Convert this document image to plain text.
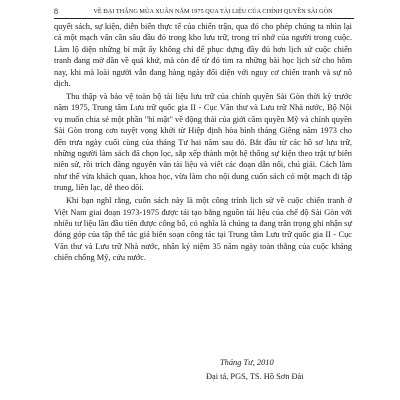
8	VỀ ĐẠI THẮNG MÙA XUÂN NĂM 1975 QUA TÀI LIỆU CỦA CHÍNH QUYỀN SÀI GÒN

quyết sách, sự kiện, diễn biến thực tế của chiến trận, qua đó cho phép chúng ta nhìn lại cả một mạch vấn cần sâu đầu đó trong kho lưu trữ, trong trí nhớ của người trong cuộc. Làm lộ diện những bí mật ấy không chỉ để phục dựng đầy đủ hơn lịch sử cuộc chiến tranh đang mờ dần về quá khứ, mà còn để từ đó tìm ra những bài học lịch sử cho hôm nay, khi mà loài người vẫn đang hàng ngày đối diện với nguy cơ chiến tranh và sự nô dịch.

Thu thập và bảo vệ toàn bộ tài liệu lưu trữ của chính quyền Sài Gòn thời kỳ trước năm 1975, Trung tâm Lưu trữ quốc gia II - Cục Văn thư và Lưu trữ Nhà nước, Bộ Nội vụ muốn chia sẻ một phần "bí mật" về động thái của giới cầm quyền Mỹ và chính quyền Sài Gòn trong cơn tuyệt vọng khởi từ Hiệp định hòa bình tháng Giêng năm 1973 cho đến trưa ngày cuối cùng của tháng Tư hai năm sau đó. Bắt đầu từ các hồ sơ lưu trữ, những người làm sách đã chọn lọc, sắp xếp thành một hệ thống sự kiện theo trật tự biên niên sử, rồi trích đăng nguyên văn tài liệu và viết các đoạn dẫn nối, chú giải. Cách làm như thế vừa khách quan, khoa học, vừa làm cho nội dung cuốn sách có một mạch đi tập trung, liền lạc, dễ theo dõi.

Khi bạn nghĩ rằng, cuốn sách này là một công trình lịch sử về cuộc chiến tranh ở Việt Nam giai đoạn 1973-1975 được tái tạo bằng nguồn tài liệu của chế độ Sài Gòn với nhiều tư liệu lần đầu tiên được công bố, có nghĩa là chúng ta đang trân trọng ghi nhận sự đóng góp của tập thể tác giả biên soạn công tác tại Trung tâm Lưu trữ quốc gia II - Cục Văn thư và Lưu trữ Nhà nước, nhân kỷ niệm 35 năm ngày toàn thắng của cuộc kháng chiến chống Mỹ, cứu nước.

Tháng Tư, 2010
Đại tá, PGS, TS. Hồ Sơn Đài
